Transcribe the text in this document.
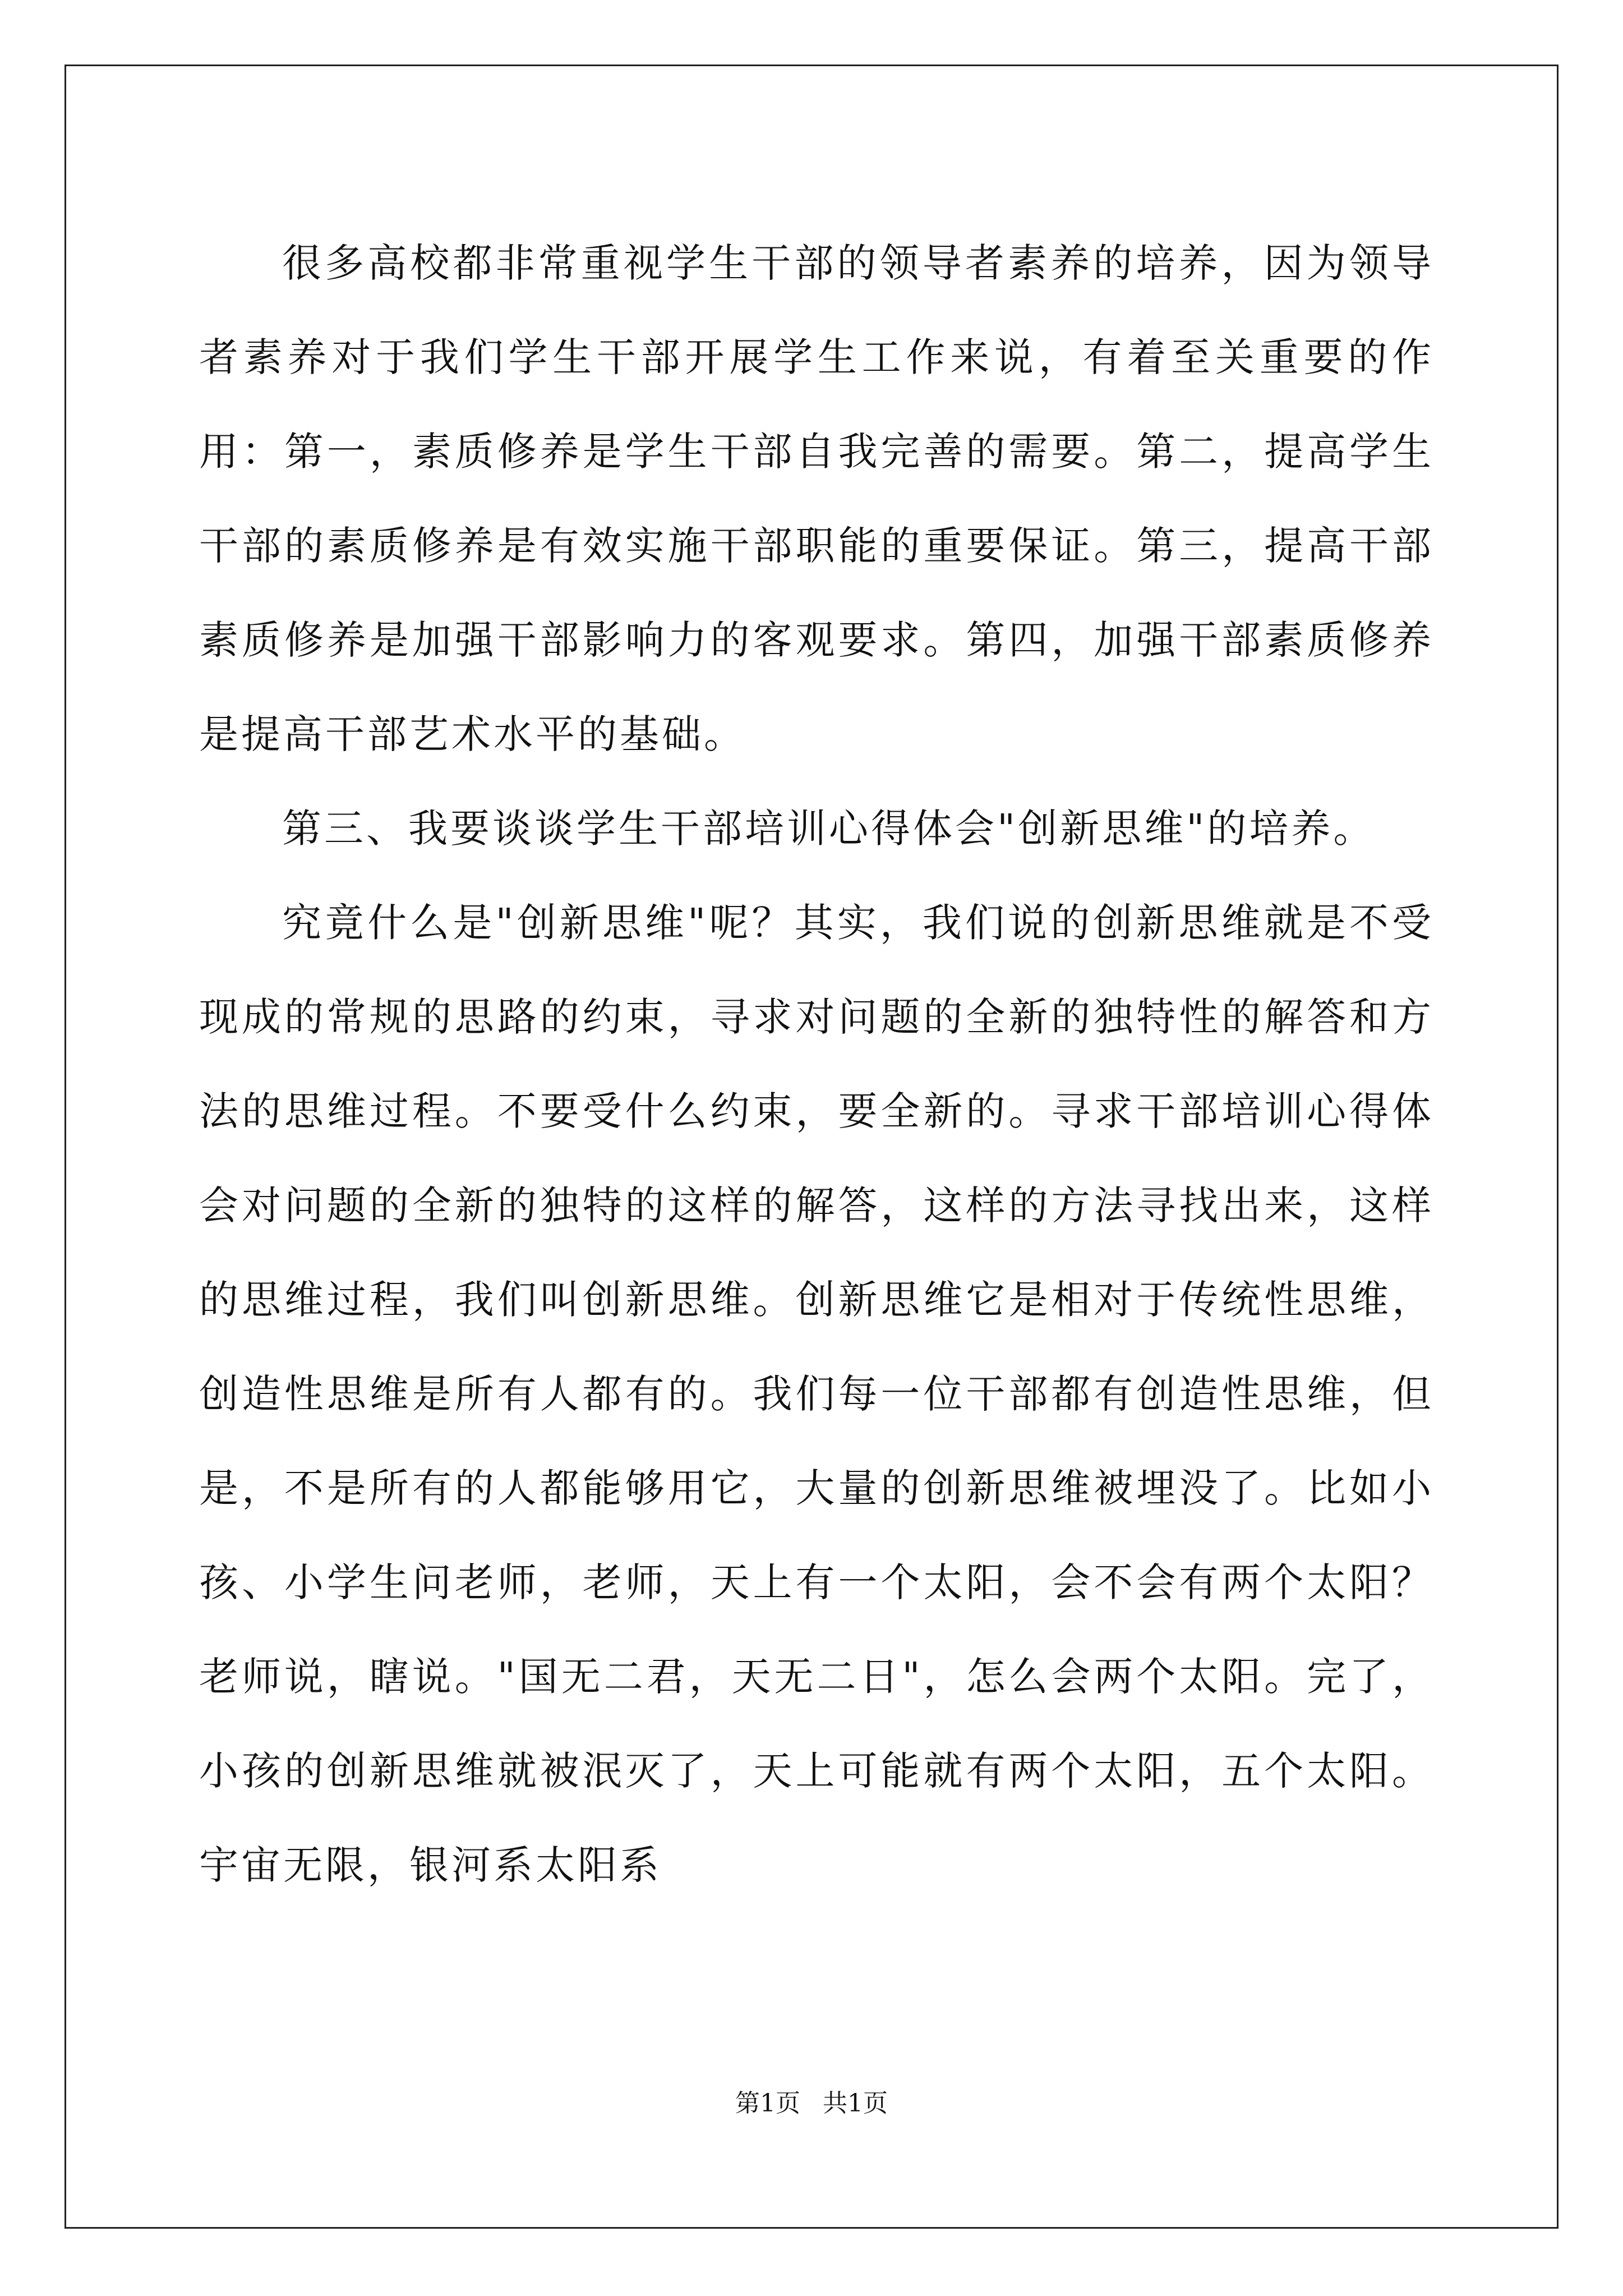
很多高校都非常重视学生干部的领导者素养的培养，因为领导者素养对于我们学生干部开展学生工作来说，有着至关重要的作用：第一，素质修养是学生干部自我完善的需要。第二，提高学生干部的素质修养是有效实施干部职能的重要保证。第三，提高干部素质修养是加强干部影响力的客观要求。第四，加强干部素质修养是提高干部艺术水平的基础。

第三、我要谈谈学生干部培训心得体会"创新思维"的培养。

究竟什么是"创新思维"呢？其实，我们说的创新思维就是不受现成的常规的思路的约束，寻求对问题的全新的独特性的解答和方法的思维过程。不要受什么约束，要全新的。寻求干部培训心得体会对问题的全新的独特的这样的解答，这样的方法寻找出来，这样的思维过程，我们叫创新思维。创新思维它是相对于传统性思维，创造性思维是所有人都有的。我们每一位干部都有创造性思维，但是，不是所有的人都能够用它，大量的创新思维被埋没了。比如小孩、小学生问老师，老师，天上有一个太阳，会不会有两个太阳？老师说，瞎说。"国无二君，天无二日"，怎么会两个太阳。完了，小孩的创新思维就被泯灭了，天上可能就有两个太阳，五个太阳。宇宙无限，银河系太阳系

第1页 共1页
